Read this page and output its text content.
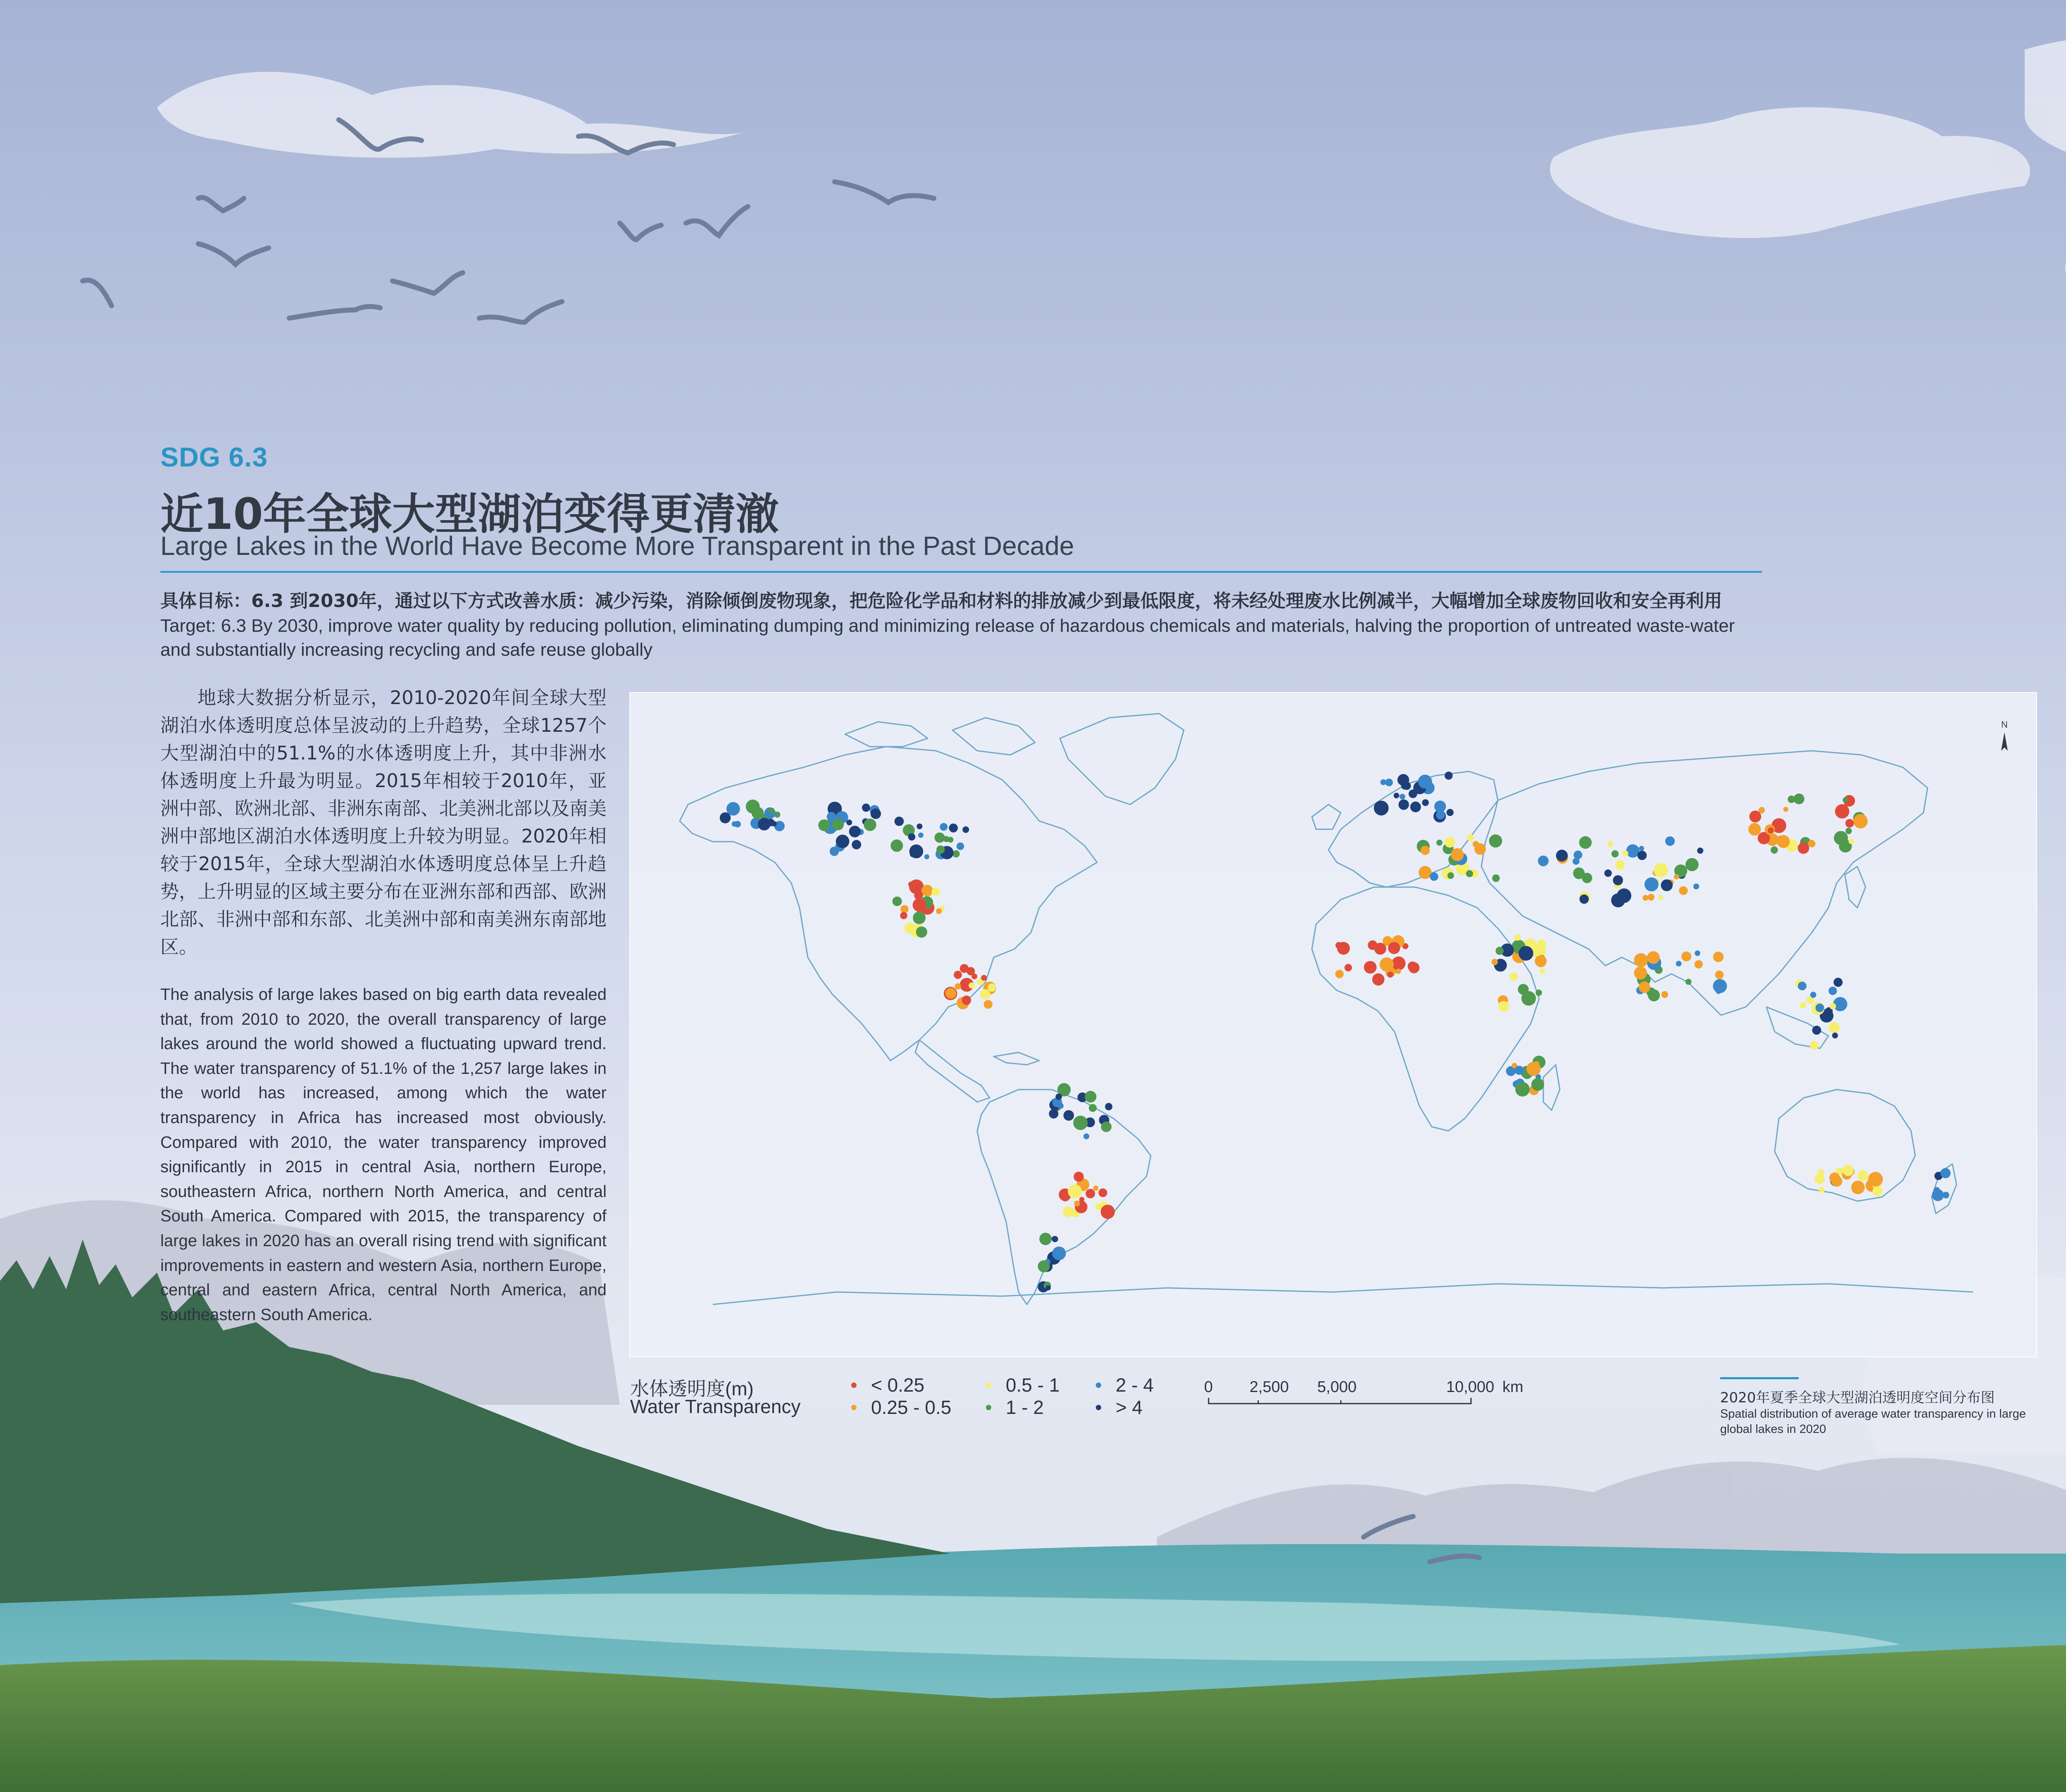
SDG 6.3
近10年全球大型湖泊变得更清澈
Large Lakes in the World Have Become More Transparent in the Past Decade
具体目标：6.3 到2030年，通过以下方式改善水质：减少污染，消除倾倒废物现象，把危险化学品和材料的排放减少到最低限度，将未经处理废水比例减半，大幅增加全球废物回收和安全再利用
Target: 6.3 By 2030, improve water quality by reducing pollution, eliminating dumping and minimizing release of hazardous chemicals and materials, halving the proportion of untreated waste-water and substantially increasing recycling and safe reuse globally
地球大数据分析显示，2010-2020年间全球大型湖泊水体透明度总体呈波动的上升趋势，全球1257个大型湖泊中的51.1%的水体透明度上升，其中非洲水体透明度上升最为明显。2015年相较于2010年，亚洲中部、欧洲北部、非洲东南部、北美洲北部以及南美洲中部地区湖泊水体透明度上升较为明显。2020年相较于2015年，全球大型湖泊水体透明度总体呈上升趋势，上升明显的区域主要分布在亚洲东部和西部、欧洲北部、非洲中部和东部、北美洲中部和南美洲东南部地区。
The analysis of large lakes based on big earth data revealed that, from 2010 to 2020, the overall transparency of large lakes around the world showed a fluctuating upward trend. The water transparency of 51.1% of the 1,257 large lakes in the world has increased, among which the water transparency in Africa has increased most obviously. Compared with 2010, the water transparency improved significantly in 2015 in central Asia, northern Europe, southeastern Africa, northern North America, and central South America. Compared with 2015, the transparency of large lakes in 2020 has an overall rising trend with significant improvements in eastern and western Asia, northern Europe, central and eastern Africa, central North America, and southeastern South America.
N
水体透明度(m)
Water Transparency
< 0.25
0.25 - 0.5
0.5 - 1
1 - 2
2 - 4
> 4
0 2,500 5,000	10,000 km
2020年夏季全球大型湖泊透明度空间分布图
Spatial distribution of average water transparency in large global lakes in 2020
